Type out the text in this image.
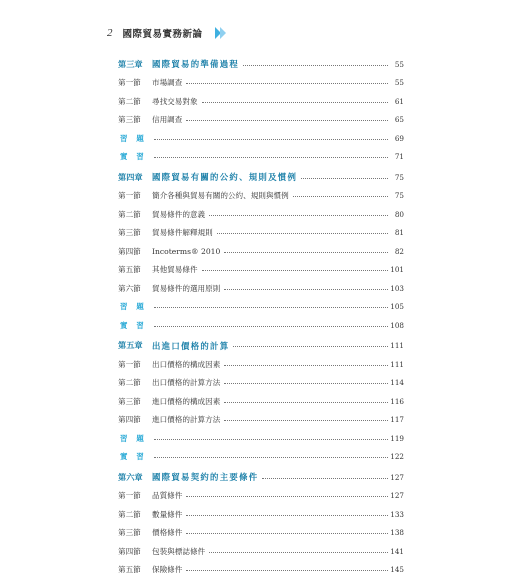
2 國際貿易實務新論
第三章	國際貿易的準備過程	55
第一節	市場調查	55
第二節	尋找交易對象	61
第三節	信用調查	65
習題	69
實習	71
第四章	國際貿易有關的公約、規則及慣例	75
第一節	簡介各種與貿易有關的公約、規則與慣例	75
第二節	貿易條件的意義	80
第三節	貿易條件解釋規則	81
第四節	Incoterms® 2010	82
第五節	其他貿易條件	101
第六節	貿易條件的選用原則	103
習題	105
實習	108
第五章	出進口價格的計算	111
第一節	出口價格的構成因素	111
第二節	出口價格的計算方法	114
第三節	進口價格的構成因素	116
第四節	進口價格的計算方法	117
習題	119
實習	122
第六章	國際貿易契約的主要條件	127
第一節	品質條件	127
第二節	數量條件	133
第三節	價格條件	138
第四節	包裝與標誌條件	141
第五節	保險條件	145
